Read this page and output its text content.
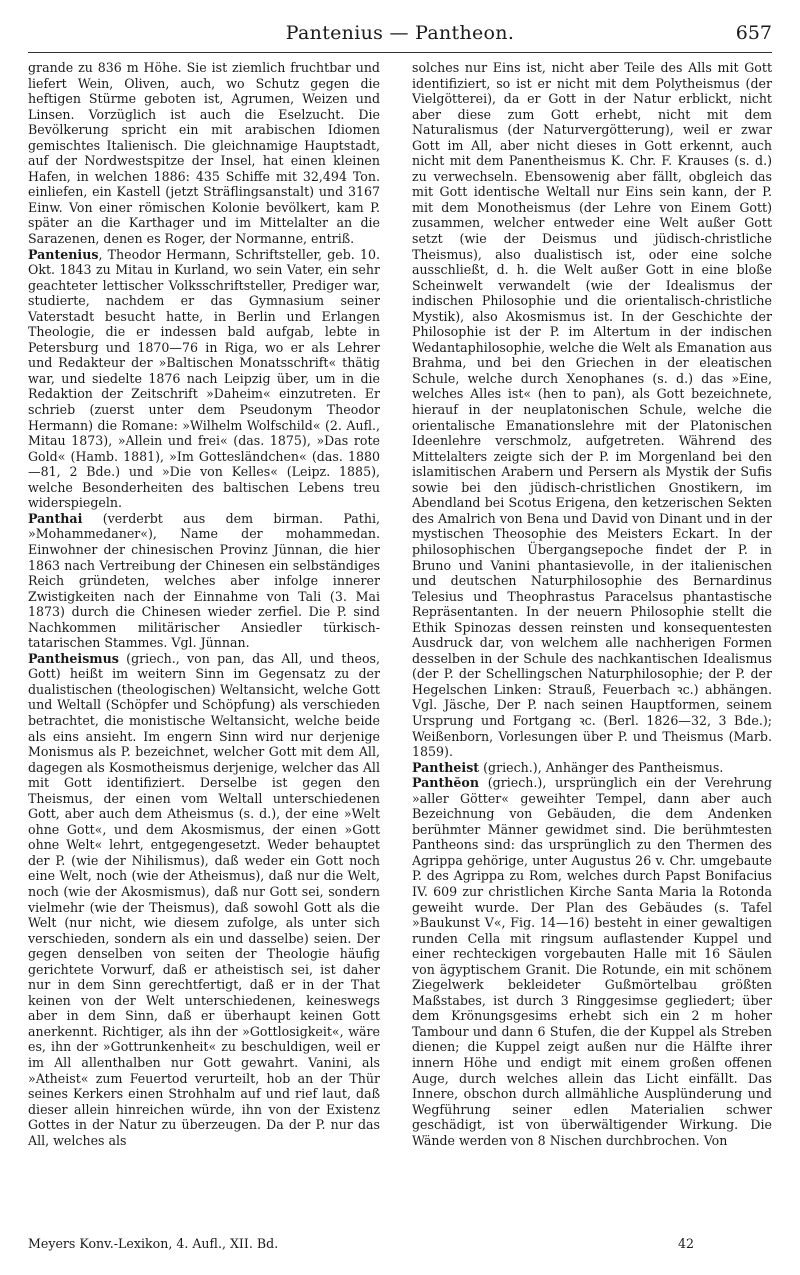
Pantenius — Pantheon.	657

grande zu 836 m Höhe. Sie ist ziemlich fruchtbar und liefert Wein, Oliven, auch, wo Schutz gegen die heftigen Stürme geboten ist, Agrumen, Weizen und Linsen. Vorzüglich ist auch die Eselzucht. Die Bevölkerung spricht ein mit arabischen Idiomen gemischtes Italienisch. Die gleichnamige Hauptstadt, auf der Nordwestspitze der Insel, hat einen kleinen Hafen, in welchen 1886: 435 Schiffe mit 32,494 Ton. einliefen, ein Kastell (jetzt Sträflingsanstalt) und 3167 Einw. Von einer römischen Kolonie bevölkert, kam P. später an die Karthager und im Mittelalter an die Sarazenen, denen es Roger, der Normanne, entriß.

Pantenius, Theodor Hermann, Schriftsteller, geb. 10. Okt. 1843 zu Mitau in Kurland, wo sein Vater, ein sehr geachteter lettischer Volksschriftsteller, Prediger war, studierte, nachdem er das Gymnasium seiner Vaterstadt besucht hatte, in Berlin und Erlangen Theologie, die er indessen bald aufgab, lebte in Petersburg und 1870—76 in Riga, wo er als Lehrer und Redakteur der »Baltischen Monatsschrift« thätig war, und siedelte 1876 nach Leipzig über, um in die Redaktion der Zeitschrift »Daheim« einzutreten. Er schrieb (zuerst unter dem Pseudonym Theodor Hermann) die Romane: »Wilhelm Wolfschild« (2. Aufl., Mitau 1873), »Allein und frei« (das. 1875), »Das rote Gold« (Hamb. 1881), »Im Gottesländchen« (das. 1880—81, 2 Bde.) und »Die von Kelles« (Leipz. 1885), welche Besonderheiten des baltischen Lebens treu widerspiegeln.

Panthai (verderbt aus dem birman. Pathi, »Mohammedaner«), Name der mohammedan. Einwohner der chinesischen Provinz Jünnan, die hier 1863 nach Vertreibung der Chinesen ein selbständiges Reich gründeten, welches aber infolge innerer Zwistigkeiten nach der Einnahme von Tali (3. Mai 1873) durch die Chinesen wieder zerfiel. Die P. sind Nachkommen militärischer Ansiedler türkisch-tatarischen Stammes. Vgl. Jünnan.

Pantheismus (griech., von pan, das All, und theos, Gott) heißt im weitern Sinn im Gegensatz zu der dualistischen (theologischen) Weltansicht, welche Gott und Weltall (Schöpfer und Schöpfung) als verschieden betrachtet, die monistische Weltansicht, welche beide als eins ansieht. Im engern Sinn wird nur derjenige Monismus als P. bezeichnet, welcher Gott mit dem All, dagegen als Kosmotheismus derjenige, welcher das All mit Gott identifiziert. Derselbe ist gegen den Theismus, der einen vom Weltall unterschiedenen Gott, aber auch dem Atheismus (s. d.), der eine »Welt ohne Gott«, und dem Akosmismus, der einen »Gott ohne Welt« lehrt, entgegengesetzt. Weder behauptet der P. (wie der Nihilismus), daß weder ein Gott noch eine Welt, noch (wie der Atheismus), daß nur die Welt, noch (wie der Akosmismus), daß nur Gott sei, sondern vielmehr (wie der Theismus), daß sowohl Gott als die Welt (nur nicht, wie diesem zufolge, als unter sich verschieden, sondern als ein und dasselbe) seien. Der gegen denselben von seiten der Theologie häufig gerichtete Vorwurf, daß er atheistisch sei, ist daher nur in dem Sinn gerechtfertigt, daß er in der That keinen von der Welt unterschiedenen, keineswegs aber in dem Sinn, daß er überhaupt keinen Gott anerkennt. Richtiger, als ihn der »Gottlosigkeit«, wäre es, ihn der »Gottrunkenheit« zu beschuldigen, weil er im All allenthalben nur Gott gewahrt. Vanini, als »Atheist« zum Feuertod verurteilt, hob an der Thür seines Kerkers einen Strohhalm auf und rief laut, daß dieser allein hinreichen würde, ihn von der Existenz Gottes in der Natur zu überzeugen. Da der P. nur das All, welches als

solches nur Eins ist, nicht aber Teile des Alls mit Gott identifiziert, so ist er nicht mit dem Polytheismus (der Vielgötterei), da er Gott in der Natur erblickt, nicht aber diese zum Gott erhebt, nicht mit dem Naturalismus (der Naturvergötterung), weil er zwar Gott im All, aber nicht dieses in Gott erkennt, auch nicht mit dem Panentheismus K. Chr. F. Krauses (s. d.) zu verwechseln. Ebensowenig aber fällt, obgleich das mit Gott identische Weltall nur Eins sein kann, der P. mit dem Monotheismus (der Lehre von Einem Gott) zusammen, welcher entweder eine Welt außer Gott setzt (wie der Deismus und jüdisch-christliche Theismus), also dualistisch ist, oder eine solche ausschließt, d. h. die Welt außer Gott in eine bloße Scheinwelt verwandelt (wie der Idealismus der indischen Philosophie und die orientalisch-christliche Mystik), also Akosmismus ist. In der Geschichte der Philosophie ist der P. im Altertum in der indischen Wedantaphilosophie, welche die Welt als Emanation aus Brahma, und bei den Griechen in der eleatischen Schule, welche durch Xenophanes (s. d.) das »Eine, welches Alles ist« (hen to pan), als Gott bezeichnete, hierauf in der neuplatonischen Schule, welche die orientalische Emanationslehre mit der Platonischen Ideenlehre verschmolz, aufgetreten. Während des Mittelalters zeigte sich der P. im Morgenland bei den islamitischen Arabern und Persern als Mystik der Sufis sowie bei den jüdisch-christlichen Gnostikern, im Abendland bei Scotus Erigena, den ketzerischen Sekten des Amalrich von Bena und David von Dinant und in der mystischen Theosophie des Meisters Eckart. In der philosophischen Übergangsepoche findet der P. in Bruno und Vanini phantasievolle, in der italienischen und deutschen Naturphilosophie des Bernardinus Telesius und Theophrastus Paracelsus phantastische Repräsentanten. In der neuern Philosophie stellt die Ethik Spinozas dessen reinsten und konsequentesten Ausdruck dar, von welchem alle nachherigen Formen desselben in der Schule des nachkantischen Idealismus (der P. der Schellingschen Naturphilosophie; der P. der Hegelschen Linken: Strauß, Feuerbach ꝛc.) abhängen. Vgl. Jäsche, Der P. nach seinen Hauptformen, seinem Ursprung und Fortgang ꝛc. (Berl. 1826—32, 3 Bde.); Weißenborn, Vorlesungen über P. und Theismus (Marb. 1859).

Pantheist (griech.), Anhänger des Pantheismus.

Panthĕon (griech.), ursprünglich ein der Verehrung »aller Götter« geweihter Tempel, dann aber auch Bezeichnung von Gebäuden, die dem Andenken berühmter Männer gewidmet sind. Die berühmtesten Pantheons sind: das ursprünglich zu den Thermen des Agrippa gehörige, unter Augustus 26 v. Chr. umgebaute P. des Agrippa zu Rom, welches durch Papst Bonifacius IV. 609 zur christlichen Kirche Santa Maria la Rotonda geweiht wurde. Der Plan des Gebäudes (s. Tafel »Baukunst V«, Fig. 14—16) besteht in einer gewaltigen runden Cella mit ringsum auflastender Kuppel und einer rechteckigen vorgebauten Halle mit 16 Säulen von ägyptischem Granit. Die Rotunde, ein mit schönem Ziegelwerk bekleideter Gußmörtelbau größten Maßstabes, ist durch 3 Ringgesimse gegliedert; über dem Krönungsgesims erhebt sich ein 2 m hoher Tambour und dann 6 Stufen, die der Kuppel als Streben dienen; die Kuppel zeigt außen nur die Hälfte ihrer innern Höhe und endigt mit einem großen offenen Auge, durch welches allein das Licht einfällt. Das Innere, obschon durch allmähliche Ausplünderung und Wegführung seiner edlen Materialien schwer geschädigt, ist von überwältigender Wirkung. Die Wände werden von 8 Nischen durchbrochen. Von

Meyers Konv.-Lexikon, 4. Aufl., XII. Bd.	42
